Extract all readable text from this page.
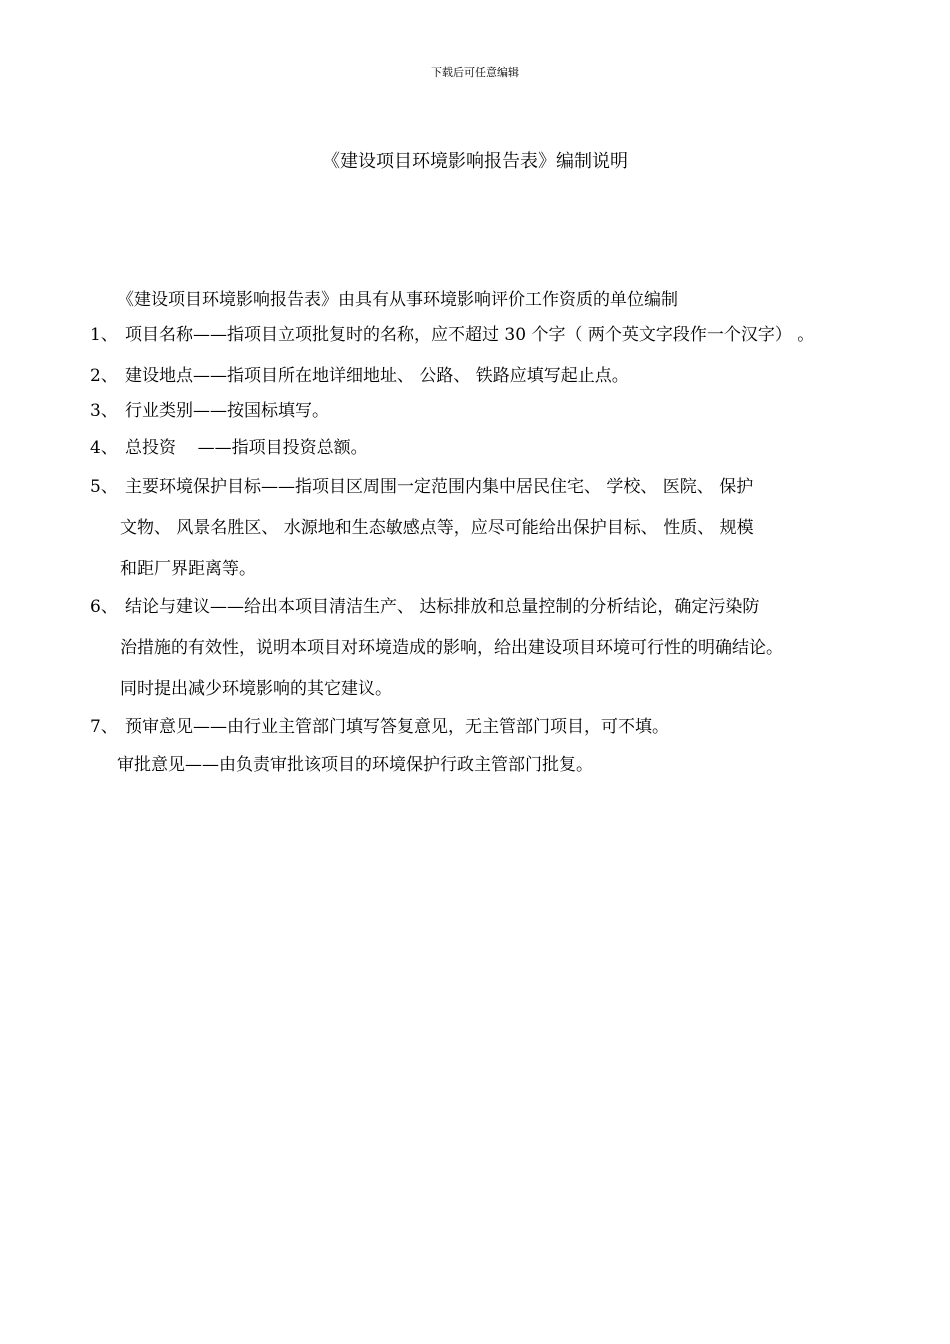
下载后可任意编辑
《建设项目环境影响报告表》编制说明
《建设项目环境影响报告表》由具有从事环境影响评价工作资质的单位编制
1、 项目名称——指项目立项批复时的名称，应不超过 30 个字（ 两个英文字段作一个汉字） 。
2、 建设地点——指项目所在地详细地址、 公路、 铁路应填写起止点。
3、 行业类别——按国标填写。
4、 总投资    ——指项目投资总额。
5、 主要环境保护目标——指项目区周围一定范围内集中居民住宅、 学校、 医院、 保护
文物、 风景名胜区、 水源地和生态敏感点等，应尽可能给出保护目标、 性质、 规模
和距厂界距离等。
6、 结论与建议——给出本项目清洁生产、 达标排放和总量控制的分析结论，确定污染防
治措施的有效性，说明本项目对环境造成的影响，给出建设项目环境可行性的明确结论。
同时提出减少环境影响的其它建议。
7、 预审意见——由行业主管部门填写答复意见，无主管部门项目，可不填。
审批意见——由负责审批该项目的环境保护行政主管部门批复。
